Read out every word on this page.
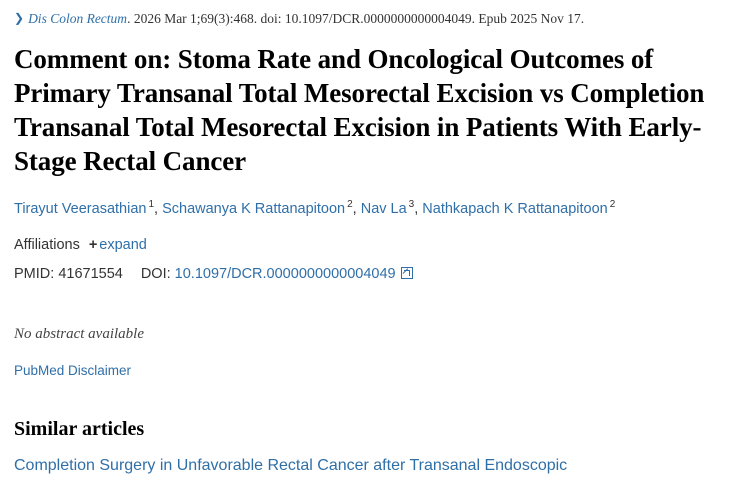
❯ Dis Colon Rectum . 2026 Mar 1;69(3):468. doi: 10.1097/DCR.0000000000004049. Epub 2025 Nov 17.
Comment on: Stoma Rate and Oncological Outcomes of Primary Transanal Total Mesorectal Excision vs Completion Transanal Total Mesorectal Excision in Patients With Early-Stage Rectal Cancer
Tirayut Veerasathian $^1$, Schawanya K Rattanapitoon $^2$, Nav La $^3$, Nathkapach K Rattanapitoon $^2$
Affiliations + expand
PMID: 41671554 DOI: 10.1097/DCR.0000000000004049
No abstract available
PubMed Disclaimer
Similar articles
Completion Surgery in Unfavorable Rectal Cancer after Transanal Endoscopic
